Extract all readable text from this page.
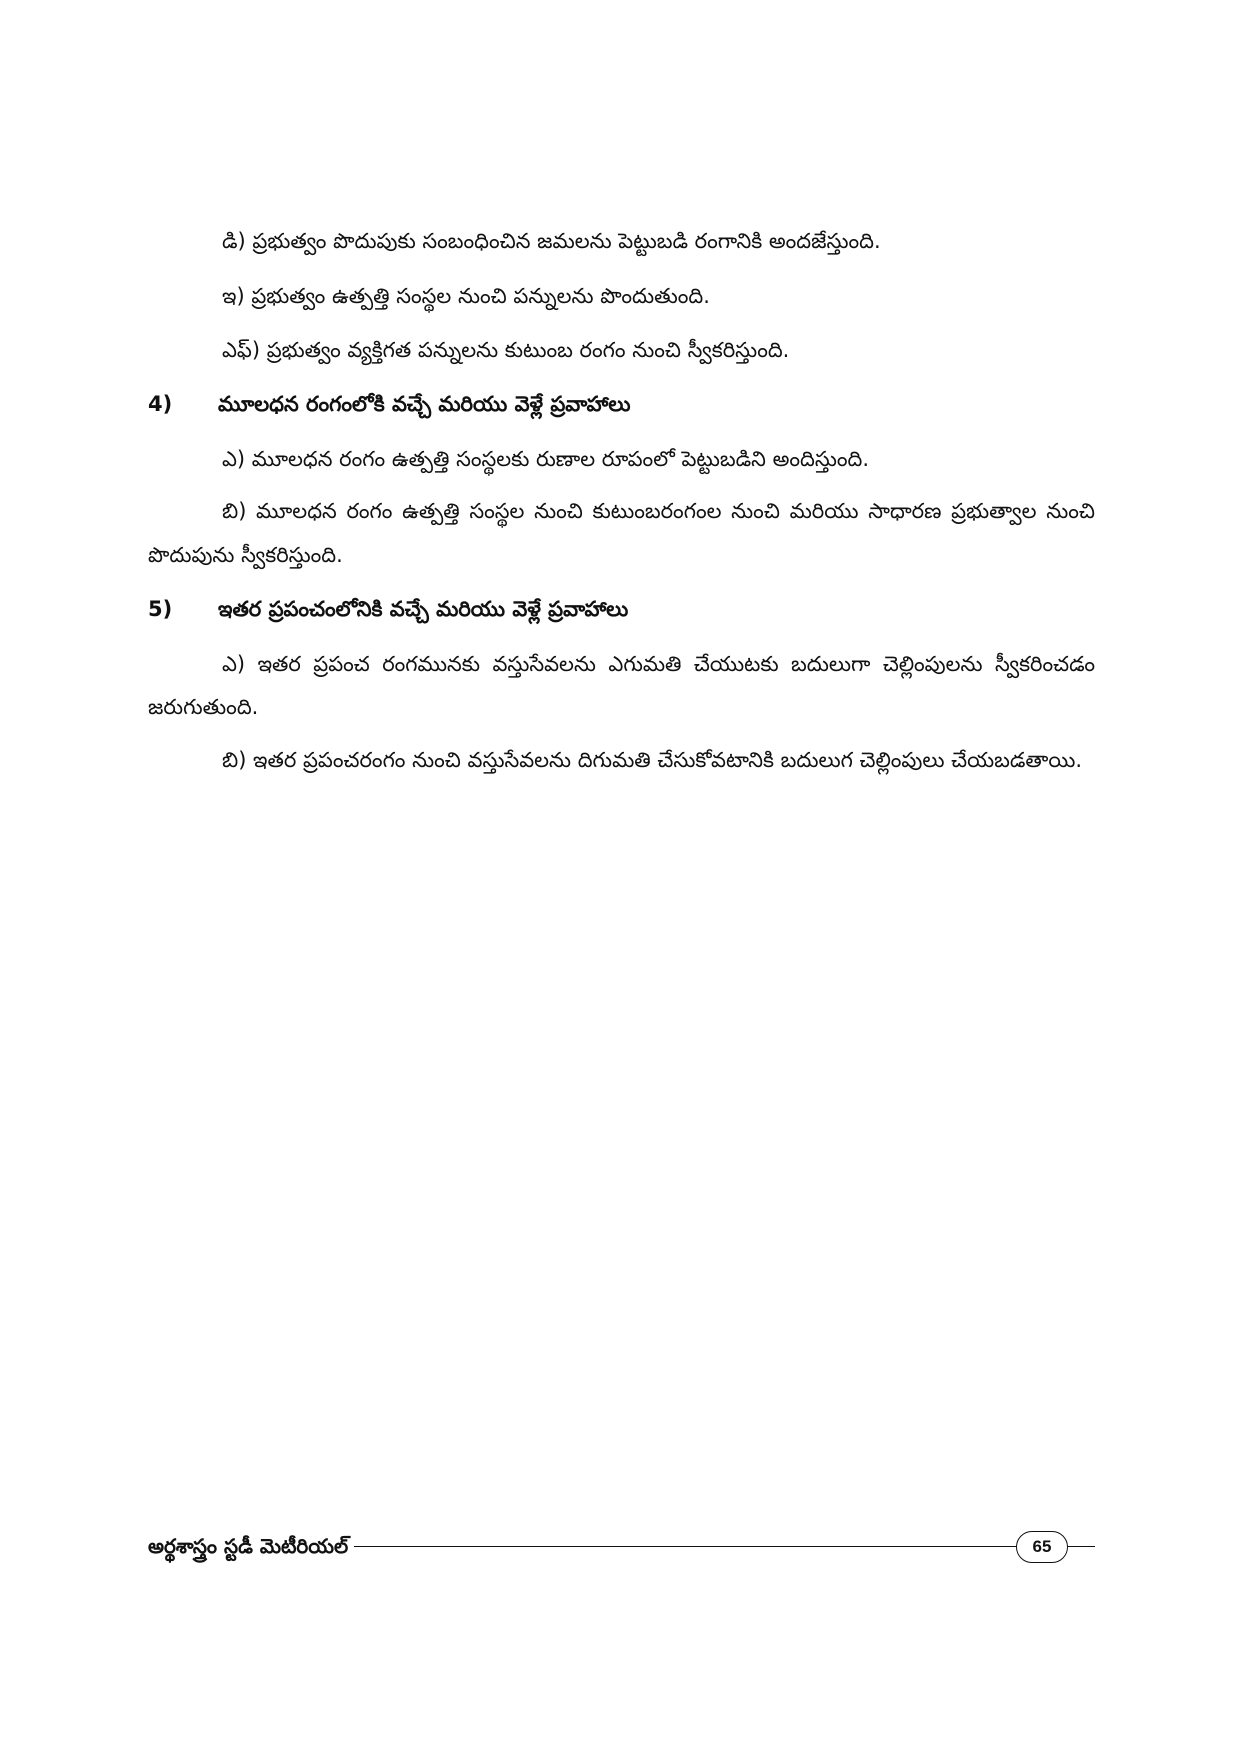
డి) ప్రభుత్వం పొదుపుకు సంబంధించిన జమలను పెట్టుబడి రంగానికి అందజేస్తుంది.
ఇ) ప్రభుత్వం ఉత్పత్తి సంస్థల నుంచి పన్నులను పొందుతుంది.
ఎఫ్) ప్రభుత్వం వ్యక్తిగత పన్నులను కుటుంబ రంగం నుంచి స్వీకరిస్తుంది.
4) మూలధన రంగంలోకి వచ్చే మరియు వెళ్లే ప్రవాహాలు
ఎ) మూలధన రంగం ఉత్పత్తి సంస్థలకు రుణాల రూపంలో పెట్టుబడిని అందిస్తుంది.
బి) మూలధన రంగం ఉత్పత్తి సంస్థల నుంచి కుటుంబరంగంల నుంచి మరియు సాధారణ ప్రభుత్వాల నుంచి
పొదుపును స్వీకరిస్తుంది.
5) ఇతర ప్రపంచంలోనికి వచ్చే మరియు వెళ్లే ప్రవాహాలు
ఎ) ఇతర ప్రపంచ రంగమునకు వస్తుసేవలను ఎగుమతి చేయుటకు బదులుగా చెల్లింపులను స్వీకరించడం
జరుగుతుంది.
బి) ఇతర ప్రపంచరంగం నుంచి వస్తుసేవలను దిగుమతి చేసుకోవటానికి బదులుగ చెల్లింపులు చేయబడతాయి.
అర్థశాస్త్రం స్టడీ మెటీరియల్	65
